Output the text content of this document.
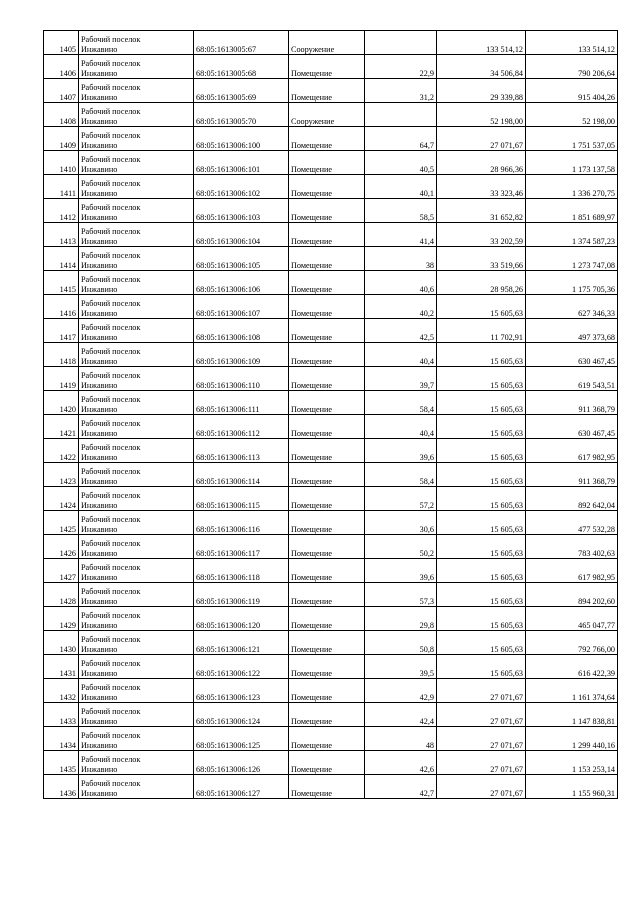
1405	Рабочий поселок
Инжавино	68:05:1613005:67	Сооружение		133 514,12	133 514,12
1406	Рабочий поселок
Инжавино	68:05:1613005:68	Помещение	22,9	34 506,84	790 206,64
1407	Рабочий поселок
Инжавино	68:05:1613005:69	Помещение	31,2	29 339,88	915 404,26
1408	Рабочий поселок
Инжавино	68:05:1613005:70	Сооружение		52 198,00	52 198,00
1409	Рабочий поселок
Инжавино	68:05:1613006:100	Помещение	64,7	27 071,67	1 751 537,05
1410	Рабочий поселок
Инжавино	68:05:1613006:101	Помещение	40,5	28 966,36	1 173 137,58
1411	Рабочий поселок
Инжавино	68:05:1613006:102	Помещение	40,1	33 323,46	1 336 270,75
1412	Рабочий поселок
Инжавино	68:05:1613006:103	Помещение	58,5	31 652,82	1 851 689,97
1413	Рабочий поселок
Инжавино	68:05:1613006:104	Помещение	41,4	33 202,59	1 374 587,23
1414	Рабочий поселок
Инжавино	68:05:1613006:105	Помещение	38	33 519,66	1 273 747,08
1415	Рабочий поселок
Инжавино	68:05:1613006:106	Помещение	40,6	28 958,26	1 175 705,36
1416	Рабочий поселок
Инжавино	68:05:1613006:107	Помещение	40,2	15 605,63	627 346,33
1417	Рабочий поселок
Инжавино	68:05:1613006:108	Помещение	42,5	11 702,91	497 373,68
1418	Рабочий поселок
Инжавино	68:05:1613006:109	Помещение	40,4	15 605,63	630 467,45
1419	Рабочий поселок
Инжавино	68:05:1613006:110	Помещение	39,7	15 605,63	619 543,51
1420	Рабочий поселок
Инжавино	68:05:1613006:111	Помещение	58,4	15 605,63	911 368,79
1421	Рабочий поселок
Инжавино	68:05:1613006:112	Помещение	40,4	15 605,63	630 467,45
1422	Рабочий поселок
Инжавино	68:05:1613006:113	Помещение	39,6	15 605,63	617 982,95
1423	Рабочий поселок
Инжавино	68:05:1613006:114	Помещение	58,4	15 605,63	911 368,79
1424	Рабочий поселок
Инжавино	68:05:1613006:115	Помещение	57,2	15 605,63	892 642,04
1425	Рабочий поселок
Инжавино	68:05:1613006:116	Помещение	30,6	15 605,63	477 532,28
1426	Рабочий поселок
Инжавино	68:05:1613006:117	Помещение	50,2	15 605,63	783 402,63
1427	Рабочий поселок
Инжавино	68:05:1613006:118	Помещение	39,6	15 605,63	617 982,95
1428	Рабочий поселок
Инжавино	68:05:1613006:119	Помещение	57,3	15 605,63	894 202,60
1429	Рабочий поселок
Инжавино	68:05:1613006:120	Помещение	29,8	15 605,63	465 047,77
1430	Рабочий поселок
Инжавино	68:05:1613006:121	Помещение	50,8	15 605,63	792 766,00
1431	Рабочий поселок
Инжавино	68:05:1613006:122	Помещение	39,5	15 605,63	616 422,39
1432	Рабочий поселок
Инжавино	68:05:1613006:123	Помещение	42,9	27 071,67	1 161 374,64
1433	Рабочий поселок
Инжавино	68:05:1613006:124	Помещение	42,4	27 071,67	1 147 838,81
1434	Рабочий поселок
Инжавино	68:05:1613006:125	Помещение	48	27 071,67	1 299 440,16
1435	Рабочий поселок
Инжавино	68:05:1613006:126	Помещение	42,6	27 071,67	1 153 253,14
1436	Рабочий поселок
Инжавино	68:05:1613006:127	Помещение	42,7	27 071,67	1 155 960,31
